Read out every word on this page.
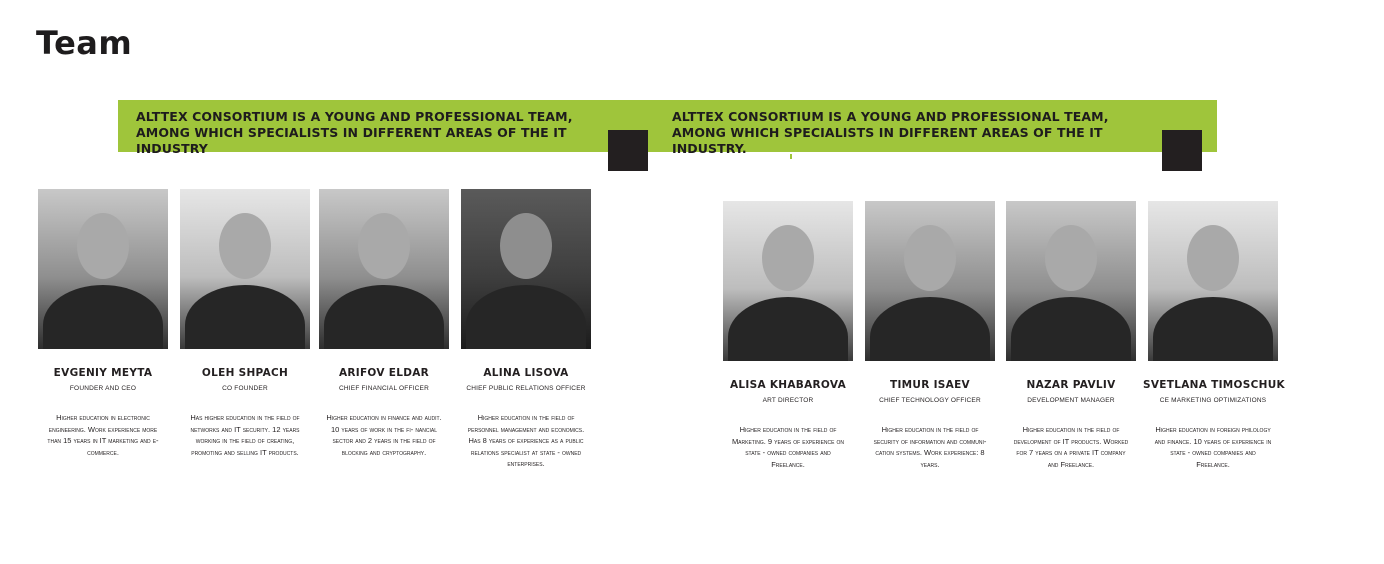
Team
ALTTEX CONSORTIUM IS A YOUNG AND PROFESSIONAL TEAM, AMONG WHICH SPECIALISTS IN DIFFERENT AREAS OF THE IT INDUSTRY
ALTTEX CONSORTIUM IS A YOUNG AND PROFESSIONAL TEAM, AMONG WHICH SPECIALISTS IN DIFFERENT AREAS OF THE IT INDUSTRY.
EVGENIY MEYTA
FOUNDER AND CEO
Higher education in electronic engineering. Work experience more than 15 years in IT marketing and e-commerce.
OLEH SHPACH
CO FOUNDER
Has higher education in the field of networks and IT security. 12 years working in the field of creating, promoting and selling IT products.
ARIFOV ELDAR
CHIEF FINANCIAL OFFICER
Higher education in finance and audit. 10 years of work in the fi- nancial sector and 2 years in the field of blocking and cryptography.
ALINA LISOVA
CHIEF PUBLIC RELATIONS OFFICER
Higher education in the field of personnel management and economics. Has 8 years of experience as a public relations specialist at state - owned enterprises.
ALISA KHABAROVA
ART DIRECTOR
Higher education in the field of Marketing. 9 years of experience on state - owned companies and Freelance.
TIMUR ISAEV
CHIEF TECHNOLOGY OFFICER
Higher education in the field of security of information and communi- cation systems. Work experience: 8 years.
NAZAR PAVLIV
DEVELOPMENT MANAGER
Higher education in the field of development of IT products. Worked for 7 years on a private IT company and Freelance.
SVETLANA TIMOSCHUK
CE MARKETING OPTIMIZATIONS
Higher education in foreign philology and finance. 10 years of experience in state - owned companies and Freelance.
